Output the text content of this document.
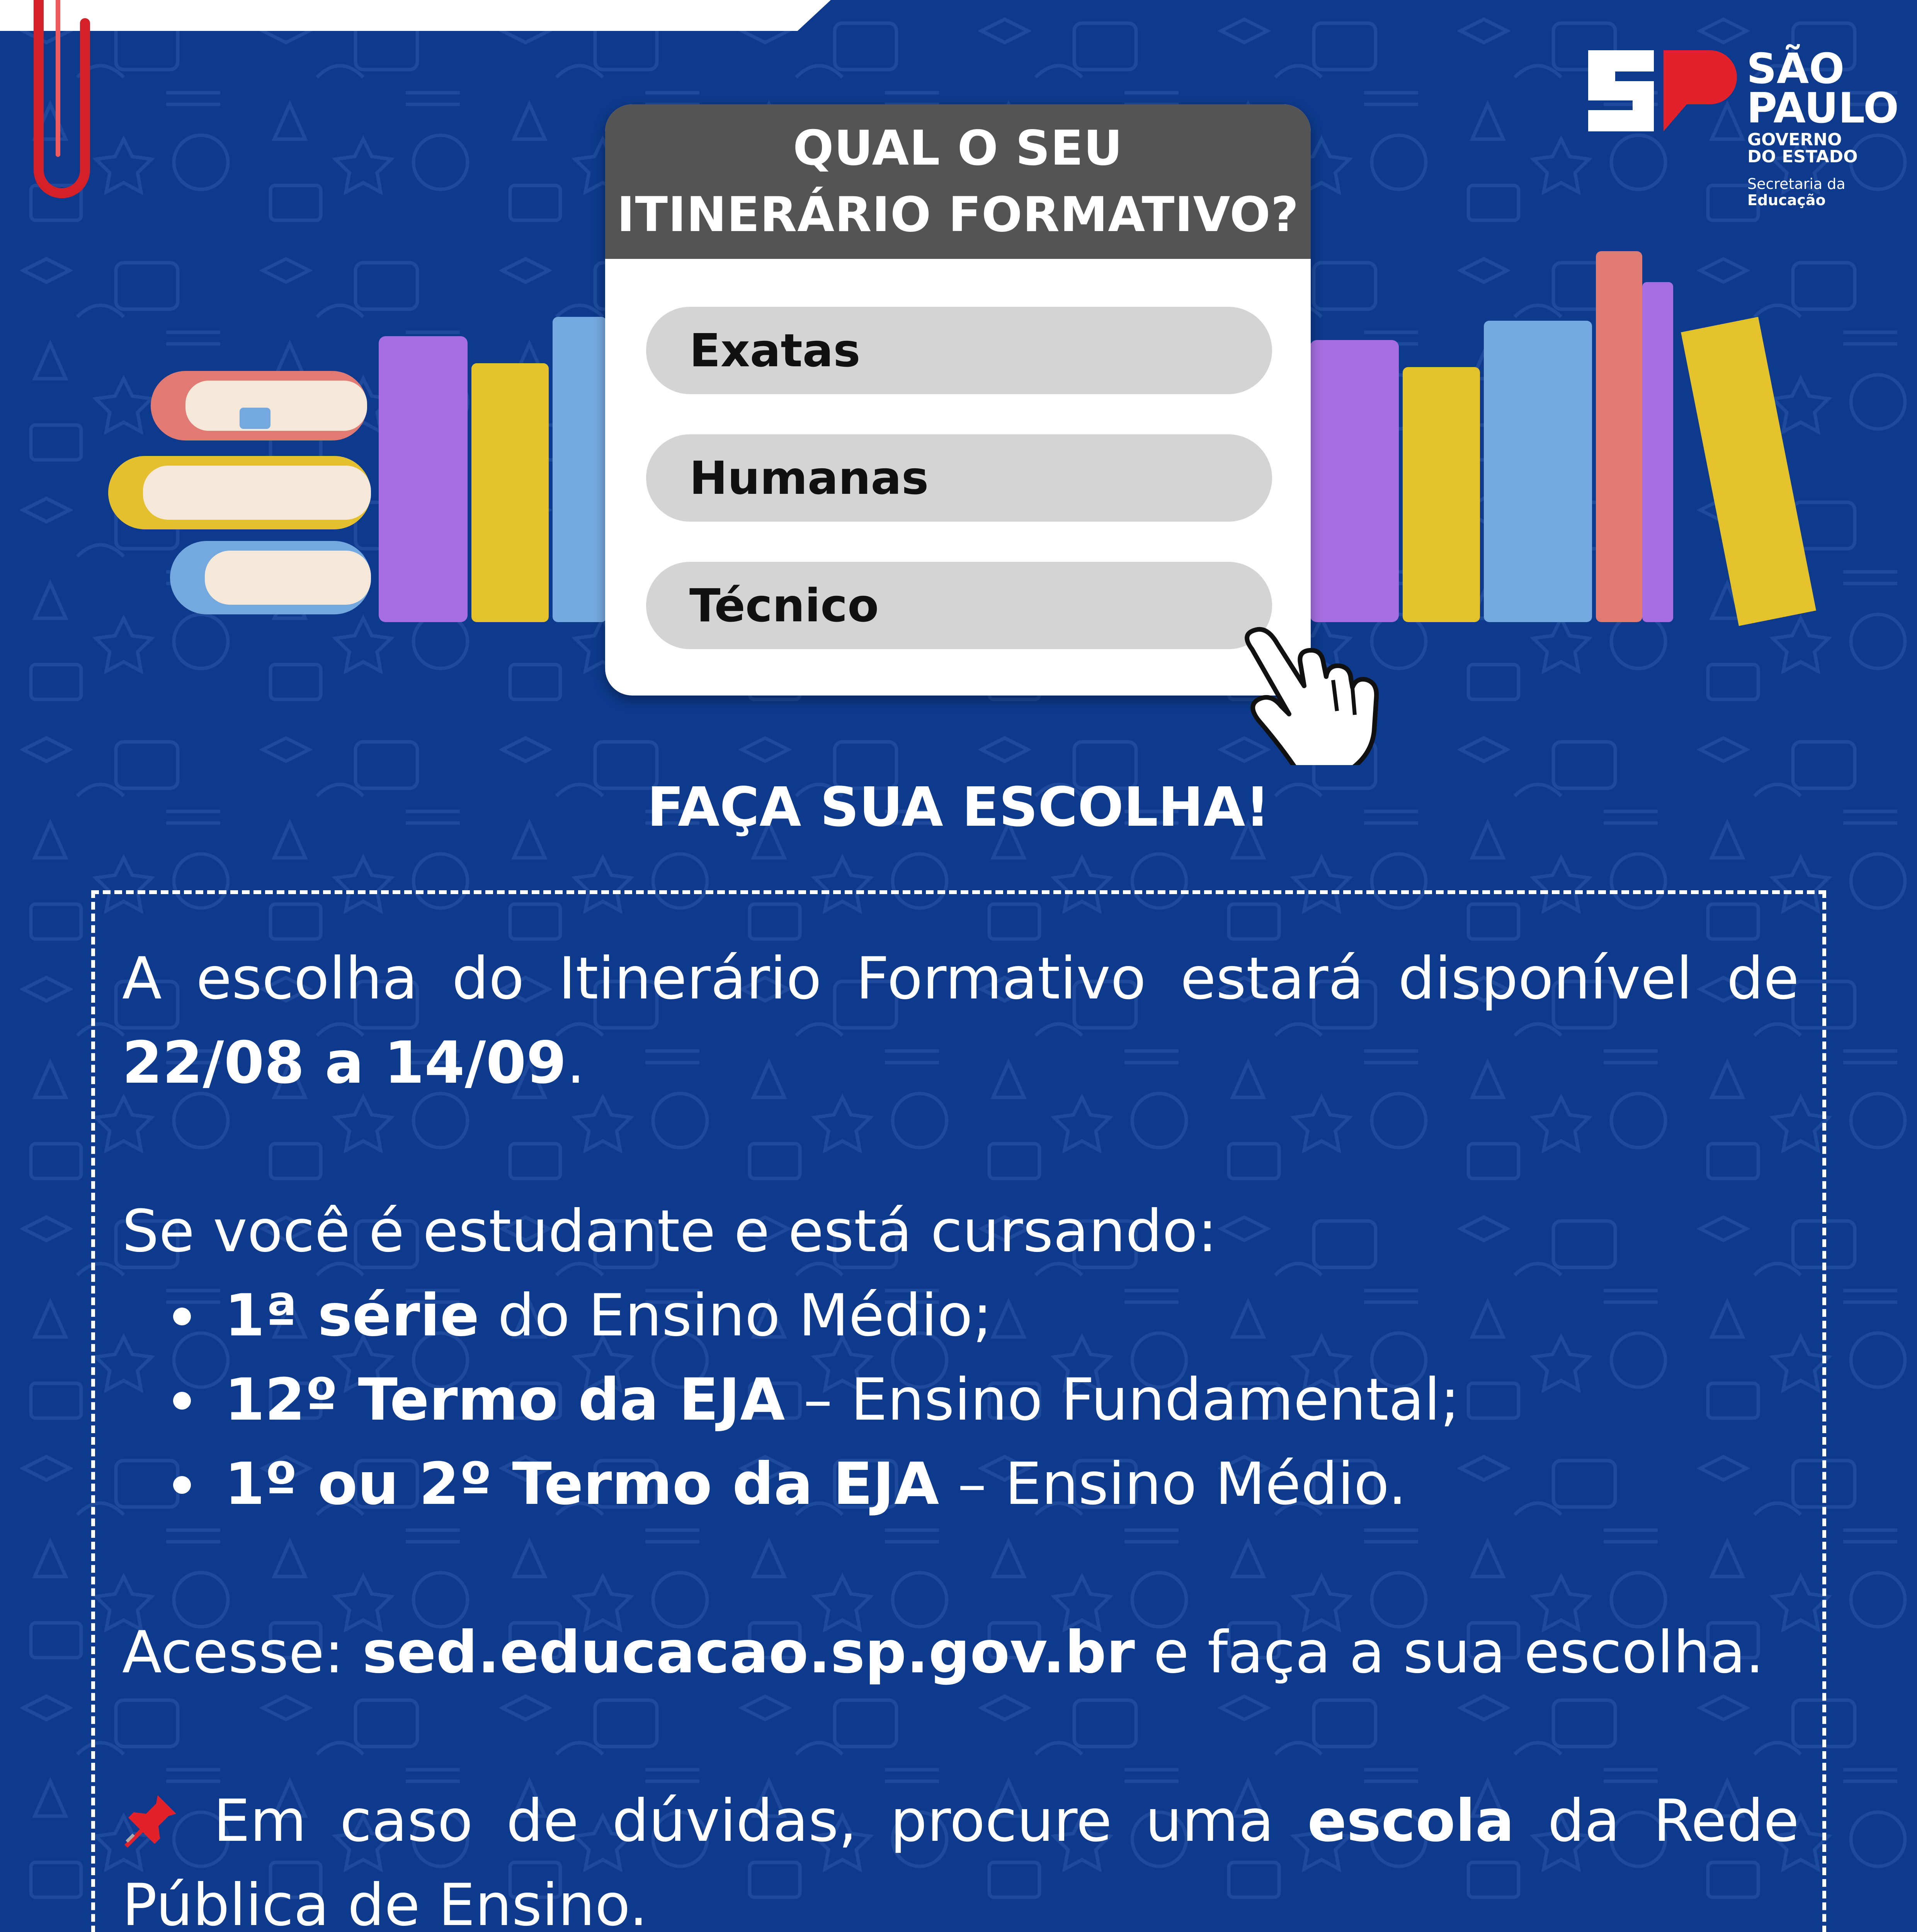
SÃO
PAULO
GOVERNO
DO ESTADO
Secretaria da
Educação
QUAL O SEU
ITINERÁRIO FORMATIVO?
Exatas
Humanas
Técnico
FAÇA SUA ESCOLHA!

A escolha do Itinerário Formativo estará disponível de

22/08 a 14/09.

Se você é estudante e está cursando:

1ª série do Ensino Médio;
12º Termo da EJA – Ensino Fundamental;
1º ou 2º Termo da EJA – Ensino Médio.

Acesse: sed.educacao.sp.gov.br e faça a sua escolha.

Em caso de dúvidas, procure uma escola da Rede

Pública de Ensino.
